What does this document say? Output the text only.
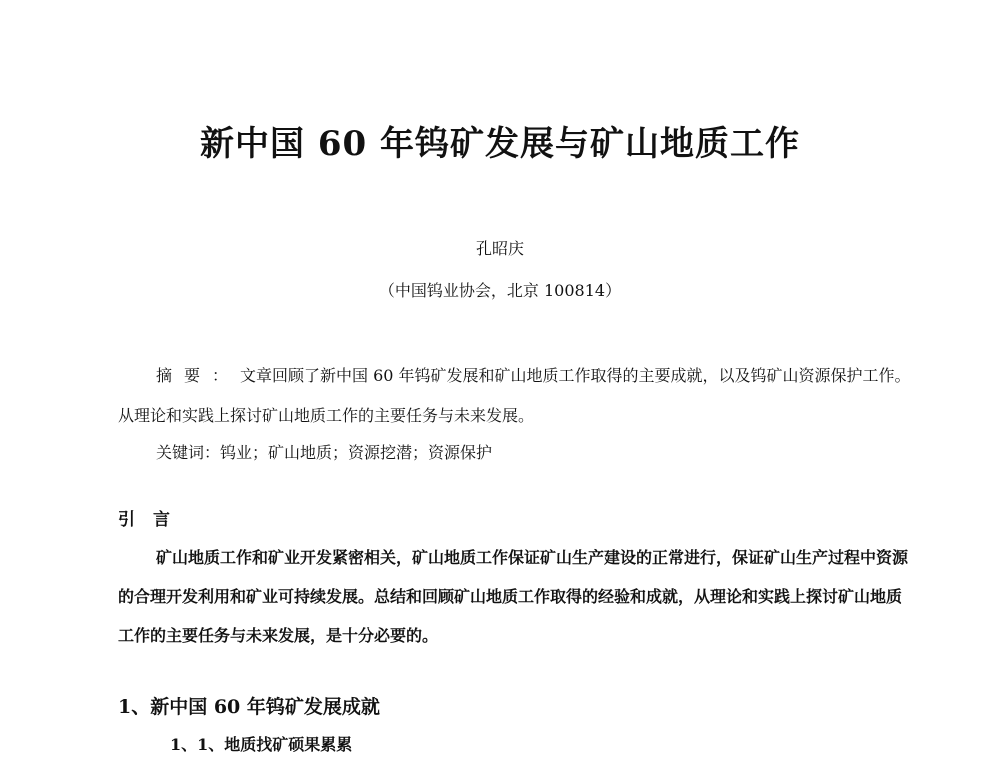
新中国 60 年钨矿发展与矿山地质工作
孔昭庆
（中国钨业协会，北京 100814）

摘要：文章回顾了新中国 60 年钨矿发展和矿山地质工作取得的主要成就，以及钨矿山资源保护工作。从理论和实践上探讨矿山地质工作的主要任务与未来发展。

关键词：钨业；矿山地质；资源挖潜；资源保护
引言

矿山地质工作和矿业开发紧密相关，矿山地质工作保证矿山生产建设的正常进行，保证矿山生产过程中资源的合理开发利用和矿业可持续发展。总结和回顾矿山地质工作取得的经验和成就，从理论和实践上探讨矿山地质工作的主要任务与未来发展，是十分必要的。

1、新中国 60 年钨矿发展成就
1、1、地质找矿硕果累累
